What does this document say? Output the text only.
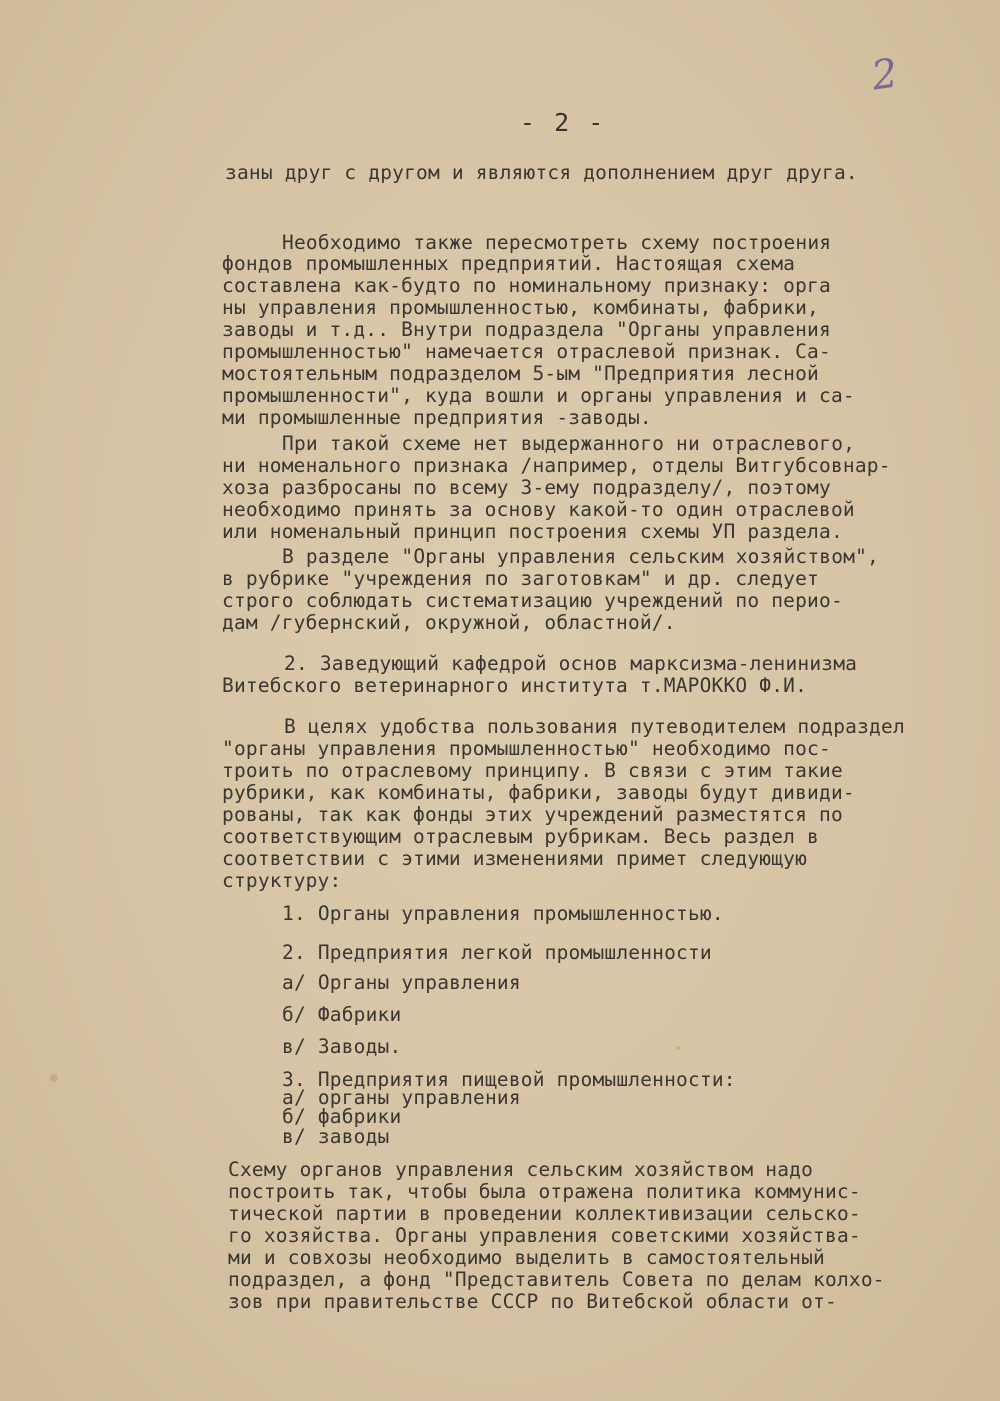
2
- 2 -
заны друг с другом и являются дополнением друг друга.
Необходимо также пересмотреть схему построения
фондов промышленных предприятий. Настоящая схема
составлена как-будто по номинальному признаку: орга
ны управления промышленностью, комбинаты, фабрики,
заводы и т.д.. Внутри подраздела "Органы управления
промышленностью" намечается отраслевой признак. Са-
мостоятельным подразделом 5-ым "Предприятия лесной
промышленности", куда вошли и органы управления и са-
ми промышленные предприятия -заводы.
При такой схеме нет выдержанного ни отраслевого,
ни номенального признака /например, отделы Витгубсовнар-
хоза разбросаны по всему 3-ему подразделу/, поэтому
необходимо принять за основу какой-то один отраслевой
или номенальный принцип построения схемы УП раздела.
В разделе "Органы управления сельским хозяйством",
в рубрике "учреждения по заготовкам" и др. следует
строго соблюдать систематизацию учреждений по перио-
дам /губернский, окружной, областной/.
2. Заведующий кафедрой основ марксизма-ленинизма
Витебского ветеринарного института т.МАРОККО Ф.И.
В целях удобства пользования путеводителем подраздел
"органы управления промышленностью" необходимо пос-
троить по отраслевому принципу. В связи с этим такие
рубрики, как комбинаты, фабрики, заводы будут дивиди-
рованы, так как фонды этих учреждений разместятся по
соответствующим отраслевым рубрикам. Весь раздел в
соответствии с этими изменениями примет следующую
структуру:
1. Органы управления промышленностью.
2. Предприятия легкой промышленности
а/ Органы управления
б/ Фабрики
в/ Заводы.
3. Предприятия пищевой промышленности:
а/ органы управления
б/ фабрики
в/ заводы
Схему органов управления сельским хозяйством надо
построить так, чтобы была отражена политика коммунис-
тической партии в проведении коллективизации сельско-
го хозяйства. Органы управления советскими хозяйства-
ми и совхозы необходимо выделить в самостоятельный
подраздел, а фонд "Представитель Совета по делам колхо-
зов при правительстве СССР по Витебской области от-
